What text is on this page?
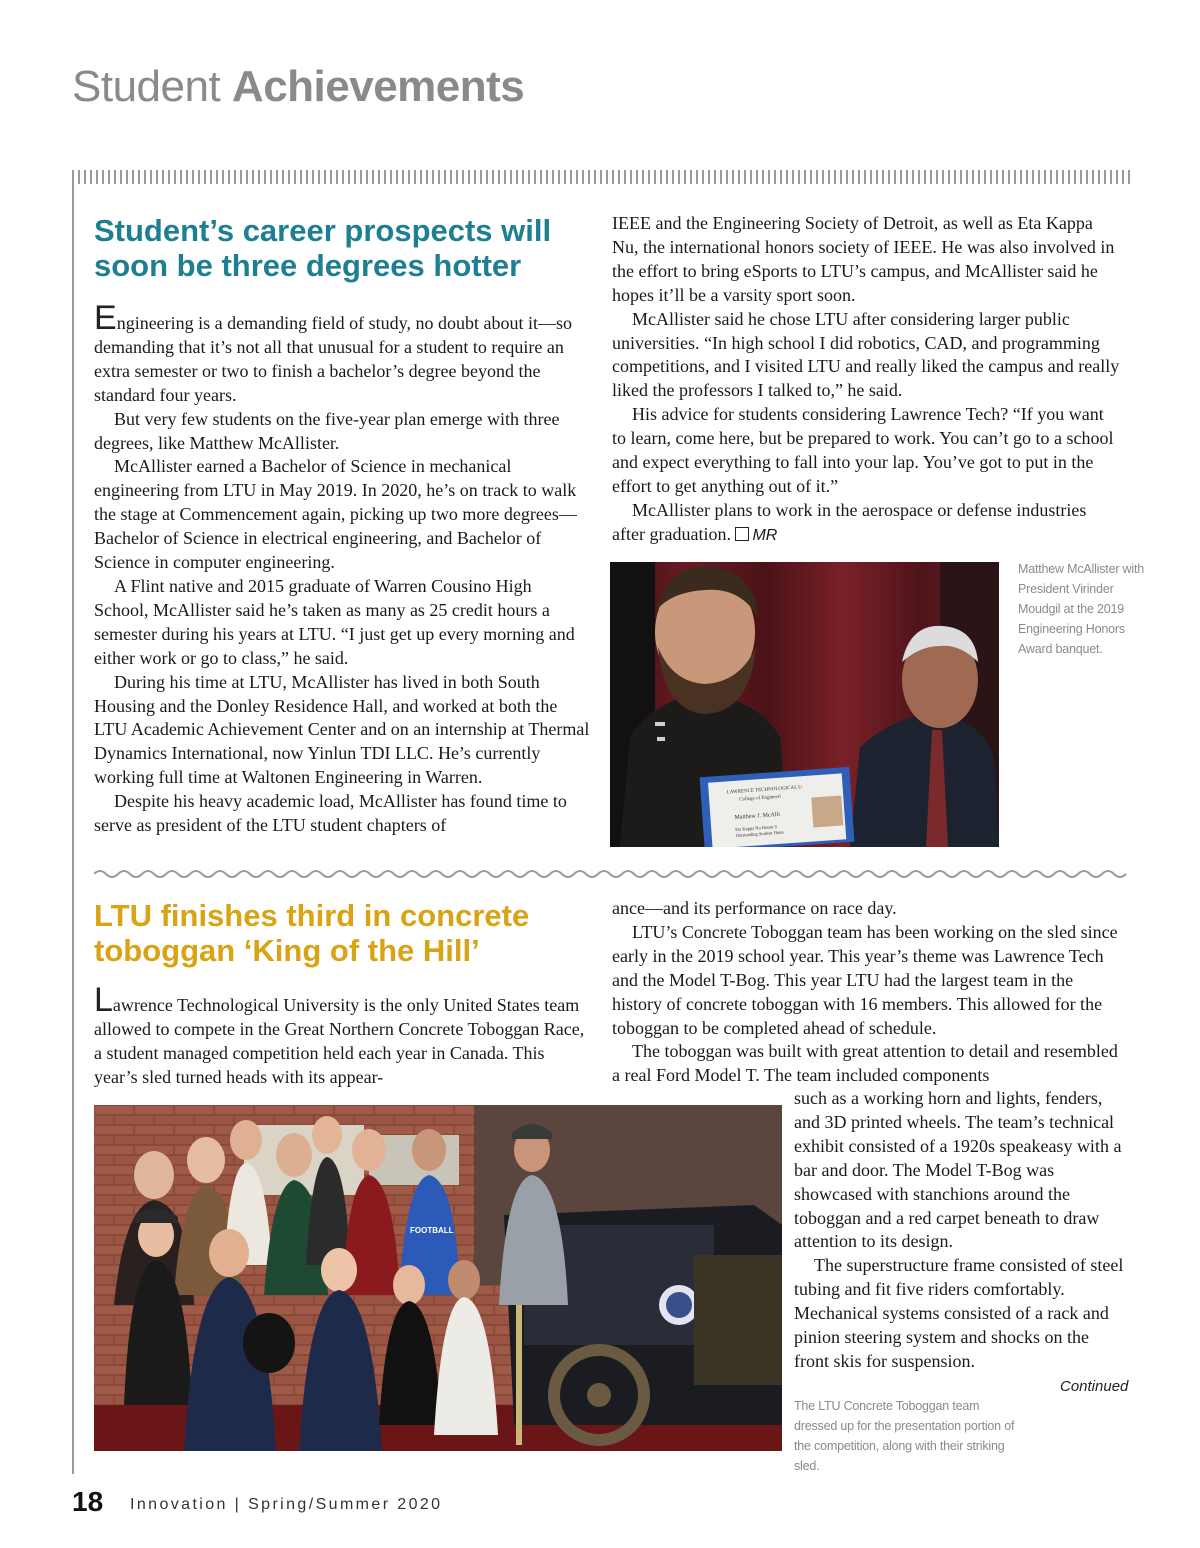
Student Achievements
Student’s career prospects will soon be three degrees hotter

Engineering is a demanding field of study, no doubt about it—so demanding that it’s not all that unusual for a student to require an extra semester or two to finish a bachelor’s degree beyond the standard four years.

But very few students on the five-year plan emerge with three degrees, like Matthew McAllister.

McAllister earned a Bachelor of Science in mechanical engineering from LTU in May 2019. In 2020, he’s on track to walk the stage at Commencement again, picking up two more degrees—Bachelor of Science in electrical engineering, and Bachelor of Science in computer engineering.

A Flint native and 2015 graduate of Warren Cousino High School, McAllister said he’s taken as many as 25 credit hours a semester during his years at LTU. “I just get up every morning and either work or go to class,” he said.

During his time at LTU, McAllister has lived in both South Housing and the Donley Residence Hall, and worked at both the LTU Academic Achievement Center and on an internship at Thermal Dynamics International, now Yinlun TDI LLC. He’s currently working full time at Waltonen Engineering in Warren.

Despite his heavy academic load, McAllister has found time to serve as president of the LTU student chapters of

IEEE and the Engineering Society of Detroit, as well as Eta Kappa Nu, the international honors society of IEEE. He was also involved in the effort to bring eSports to LTU’s campus, and McAllister said he hopes it’ll be a varsity sport soon.

McAllister said he chose LTU after considering larger public universities. “In high school I did robotics, CAD, and programming competitions, and I visited LTU and really liked the campus and really liked the professors I talked to,” he said.

His advice for students considering Lawrence Tech? “If you want to learn, come here, but be prepared to work. You can’t go to a school and expect everything to fall into your lap. You’ve got to put in the effort to get anything out of it.”

McAllister plans to work in the aerospace or defense industries after graduation. MR

LAWRENCE TECHNOLOGICAL U
College of Engineeri
Matthew J. McAlli
Eta Kappa Nu Honor S
Outstanding Student Hono
Matthew McAllister with President Virinder Moudgil at the 2019 Engineering Honors Award banquet.
LTU finishes third in concrete toboggan ‘King of the Hill’

Lawrence Technological University is the only United States team allowed to compete in the Great Northern Concrete Toboggan Race, a student managed competition held each year in Canada. This year’s sled turned heads with its appear-

ance—and its performance on race day.

LTU’s Concrete Toboggan team has been working on the sled since early in the 2019 school year. This year’s theme was Lawrence Tech and the Model T-Bog. This year LTU had the largest team in the history of concrete toboggan with 16 members. This allowed for the toboggan to be completed ahead of schedule.

The toboggan was built with great attention to detail and resembled a real Ford Model T. The team included components

such as a working horn and lights, fenders, and 3D printed wheels. The team’s technical exhibit consisted of a 1920s speakeasy with a bar and door. The Model T-Bog was showcased with stanchions around the toboggan and a red carpet beneath to draw attention to its design.

The superstructure frame consisted of steel tubing and fit five riders comfortably. Mechanical systems consisted of a rack and pinion steering system and shocks on the front skis for suspension.

Continued
FOOTBALL
The LTU Concrete Toboggan team dressed up for the presentation portion of the competition, along with their striking sled.
18 Innovation | Spring/Summer 2020
